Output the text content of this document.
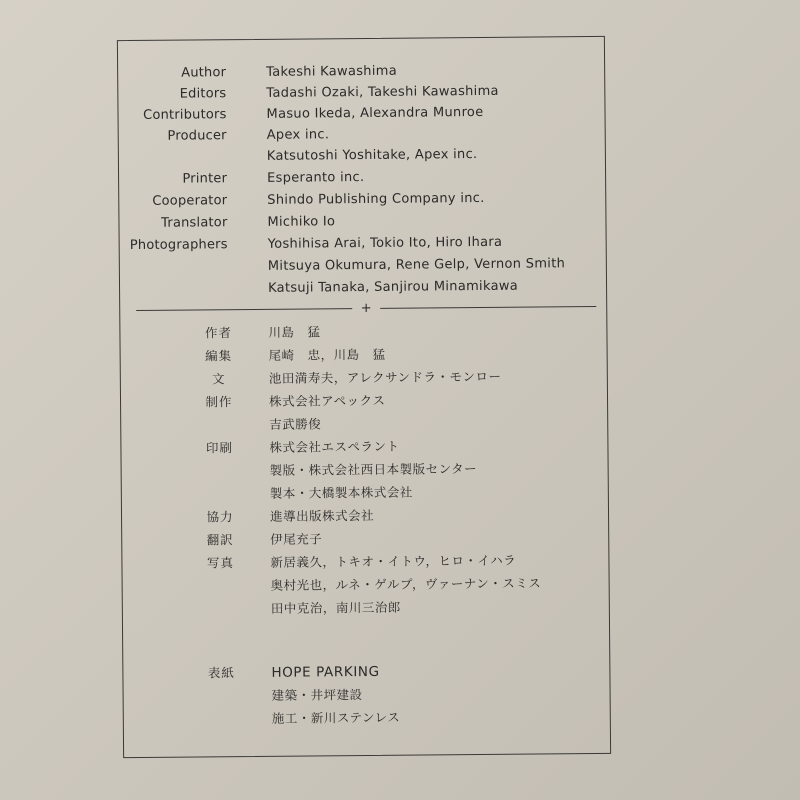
Author	Takeshi Kawashima
Editors	Tadashi Ozaki, Takeshi Kawashima
Contributors	Masuo Ikeda, Alexandra Munroe
Producer	Apex inc.
Katsutoshi Yoshitake, Apex inc.
Printer	Esperanto inc.
Cooperator	Shindo Publishing Company inc.
Translator	Michiko Io
Photographers	Yoshihisa Arai, Tokio Ito, Hiro Ihara
Mitsuya Okumura, Rene Gelp, Vernon Smith
Katsuji Tanaka, Sanjirou Minamikawa
+
作者	川島　猛
編集	尾崎　忠，川島　猛
文	池田満寿夫，アレクサンドラ・モンロー
制作	株式会社アペックス
吉武勝俊
印刷	株式会社エスペラント
製版・株式会社西日本製版センター
製本・大橋製本株式会社
協力	進導出版株式会社
翻訳	伊尾充子
写真	新居義久，トキオ・イトウ，ヒロ・イハラ
奥村光也，ルネ・ゲルプ，ヴァーナン・スミス
田中克治，南川三治郎
表紙	HOPE PARKING
建築・井坪建設
施工・新川ステンレス
